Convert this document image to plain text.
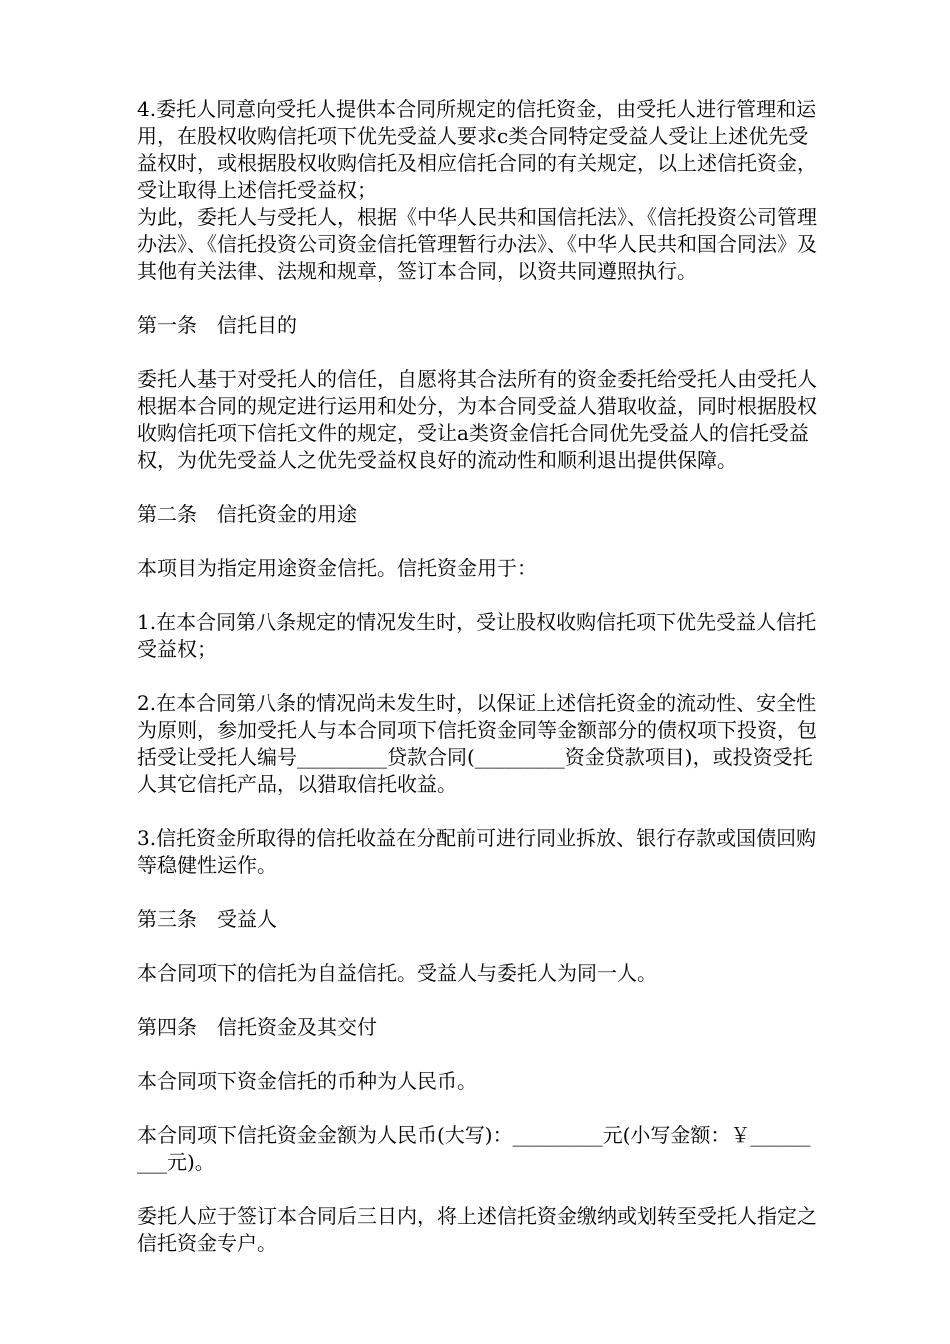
4.委托人同意向受托人提供本合同所规定的信托资金，由受托人进行管理和运用，在股权收购信托项下优先受益人要求c类合同特定受益人受让上述优先受益权时，或根据股权收购信托及相应信托合同的有关规定，以上述信托资金，受让取得上述信托受益权；

为此，委托人与受托人，根据《中华人民共和国信托法》、《信托投资公司管理办法》、《信托投资公司资金信托管理暂行办法》、《中华人民共和国合同法》及其他有关法律、法规和规章，签订本合同，以资共同遵照执行。

第一条　信托目的

委托人基于对受托人的信任，自愿将其合法所有的资金委托给受托人由受托人根据本合同的规定进行运用和处分，为本合同受益人猎取收益，同时根据股权收购信托项下信托文件的规定，受让a类资金信托合同优先受益人的信托受益权，为优先受益人之优先受益权良好的流动性和顺利退出提供保障。

第二条　信托资金的用途

本项目为指定用途资金信托。信托资金用于：

1.在本合同第八条规定的情况发生时，受让股权收购信托项下优先受益人信托受益权；

2.在本合同第八条的情况尚未发生时，以保证上述信托资金的流动性、安全性为原则，参加受托人与本合同项下信托资金同等金额部分的债权项下投资，包括受让受托人编号_________贷款合同(_________资金贷款项目)，或投资受托人其它信托产品，以猎取信托收益。

3.信托资金所取得的信托收益在分配前可进行同业拆放、银行存款或国债回购等稳健性运作。

第三条　受益人

本合同项下的信托为自益信托。受益人与委托人为同一人。

第四条　信托资金及其交付

本合同项下资金信托的币种为人民币。

本合同项下信托资金金额为人民币(大写)：_________元(小写金额：￥_________元)。

委托人应于签订本合同后三日内，将上述信托资金缴纳或划转至受托人指定之信托资金专户。
